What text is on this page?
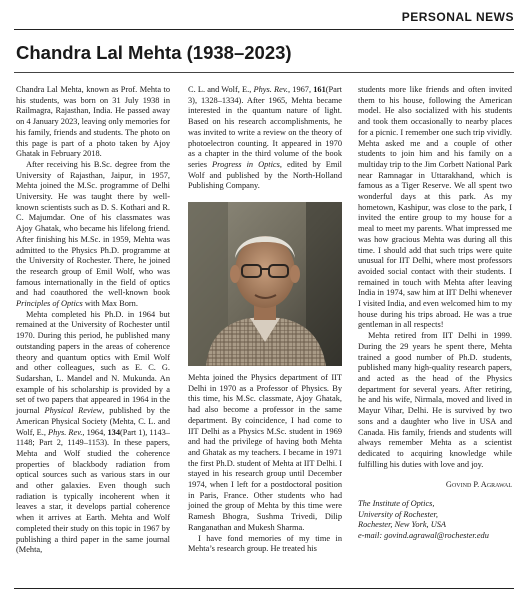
PERSONAL NEWS
Chandra Lal Mehta (1938–2023)

Chandra Lal Mehta, known as Prof. Mehta to his students, was born on 31 July 1938 in Railmagra, Rajasthan, India. He passed away on 4 January 2023, leaving only memories for his family, friends and students. The photo on this page is part of a photo taken by Ajoy Ghatak in February 2018.

After receiving his B.Sc. degree from the University of Rajasthan, Jaipur, in 1957, Mehta joined the M.Sc. programme of Delhi University. He was taught there by well-known scientists such as D. S. Kothari and R. C. Majumdar. One of his classmates was Ajoy Ghatak, who became his lifelong friend. After finishing his M.Sc. in 1959, Mehta was admitted to the Physics Ph.D. programme at the University of Rochester. There, he joined the research group of Emil Wolf, who was famous internationally in the field of optics and had coauthored the well-known book Principles of Optics with Max Born.

Mehta completed his Ph.D. in 1964 but remained at the University of Rochester until 1970. During this period, he published many outstanding papers in the areas of coherence theory and quantum optics with Emil Wolf and other colleagues, such as E. C. G. Sudarshan, L. Mandel and N. Mukunda. An example of his scholarship is provided by a set of two papers that appeared in 1964 in the journal Physical Review, published by the American Physical Society (Mehta, C. L. and Wolf, E., Phys. Rev., 1964, 134(Part 1), 1143–1148; Part 2, 1149–1153). In these papers, Mehta and Wolf studied the coherence properties of blackbody radiation from optical sources such as various stars in our and other galaxies. Even though such radiation is typically incoherent when it leaves a star, it develops partial coherence when it arrives at Earth. Mehta and Wolf completed their study on this topic in 1967 by publishing a third paper in the same journal (Mehta,

C. L. and Wolf, E., Phys. Rev., 1967, 161(Part 3), 1328–1334). After 1965, Mehta became interested in the quantum nature of light. Based on his research accomplishments, he was invited to write a review on the theory of photoelectron counting. It appeared in 1970 as a chapter in the third volume of the book series Progress in Optics, edited by Emil Wolf and published by the North-Holland Publishing Company.

Mehta joined the Physics department of IIT Delhi in 1970 as a Professor of Physics. By this time, his M.Sc. classmate, Ajoy Ghatak, had also become a professor in the same department. By coincidence, I had come to IIT Delhi as a Physics M.Sc. student in 1969 and had the privilege of having both Mehta and Ghatak as my teachers. I became in 1971 the first Ph.D. student of Mehta at IIT Delhi. I stayed in his research group until December 1974, when I left for a postdoctoral position in Paris, France. Other students who had joined the group of Mehta by this time were Ramesh Bhogra, Sushma Trivedi, Dilip Ranganathan and Mukesh Sharma.

I have fond memories of my time in Mehta’s research group. He treated his

students more like friends and often invited them to his house, following the American model. He also socialized with his students and took them occasionally to nearby places for a picnic. I remember one such trip vividly. Mehta asked me and a couple of other students to join him and his family on a multiday trip to the Jim Corbett National Park near Ramnagar in Uttarakhand, which is famous as a Tiger Reserve. We all spent two wonderful days at this park. As my hometown, Kashipur, was close to the park, I invited the entire group to my house for a meal to meet my parents. What impressed me was how gracious Mehta was during all this time. I should add that such trips were quite unusual for IIT Delhi, where most professors avoided social contact with their students. I remained in touch with Mehta after leaving India in 1974, saw him at IIT Delhi whenever I visited India, and even welcomed him to my house during his trips abroad. He was a true gentleman in all respects!

Mehta retired from IIT Delhi in 1999. During the 29 years he spent there, Mehta trained a good number of Ph.D. students, published many high-quality research papers, and acted as the head of the Physics department for several years. After retiring, he and his wife, Nirmala, moved and lived in Mayur Vihar, Delhi. He is survived by two sons and a daughter who live in USA and Canada. His family, friends and students will always remember Mehta as a scientist dedicated to acquiring knowledge while fulfilling his duties with love and joy.

Govind P. Agrawal

The Institute of Optics,
University of Rochester,
Rochester, New York, USA
e-mail: govind.agrawal@rochester.edu
